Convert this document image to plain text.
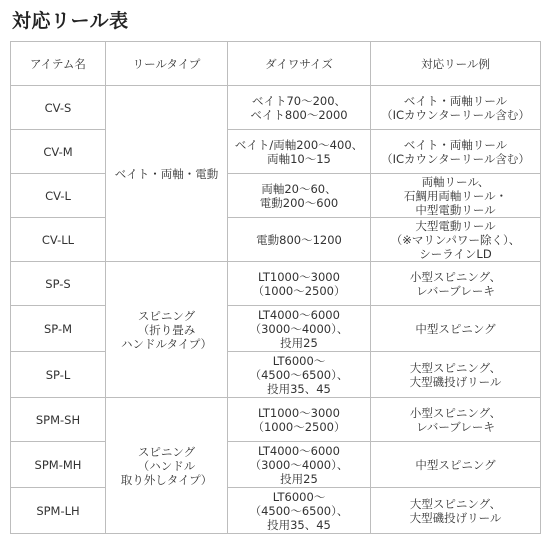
対応リール表
アイテム名	リールタイプ	ダイワサイズ	対応リール例
CV-S	ベイト・両軸・電動	ベイト70〜200、
ベイト800〜2000	ベイト・両軸リール
（ICカウンターリール含む）

CV-M		ベイト/両軸200〜400、
両軸10〜15	ベイト・両軸リール
（ICカウンターリール含む）

CV-L		両軸20〜60、
電動200〜600	両軸リール、
石鯛用両軸リール・
中型電動リール

CV-LL		電動800〜1200	大型電動リール
（※マリンパワー除く）、
シーラインLD

SP-S	スピニング
（折り畳み
ハンドルタイプ）	LT1000〜3000
（1000〜2500）	小型スピニング、
レバーブレーキ

SP-M		LT4000〜6000
（3000〜4000）、
投用25	中型スピニング

SP-L		LT6000〜
（4500〜6500）、
投用35、45	大型スピニング、
大型磯投げリール

SPM-SH	スピニング
（ハンドル
取り外しタイプ）	LT1000〜3000
（1000〜2500）	小型スピニング、
レバーブレーキ

SPM-MH		LT4000〜6000
（3000〜4000）、
投用25	中型スピニング

SPM-LH		LT6000〜
（4500〜6500）、
投用35、45	大型スピニング、
大型磯投げリール
